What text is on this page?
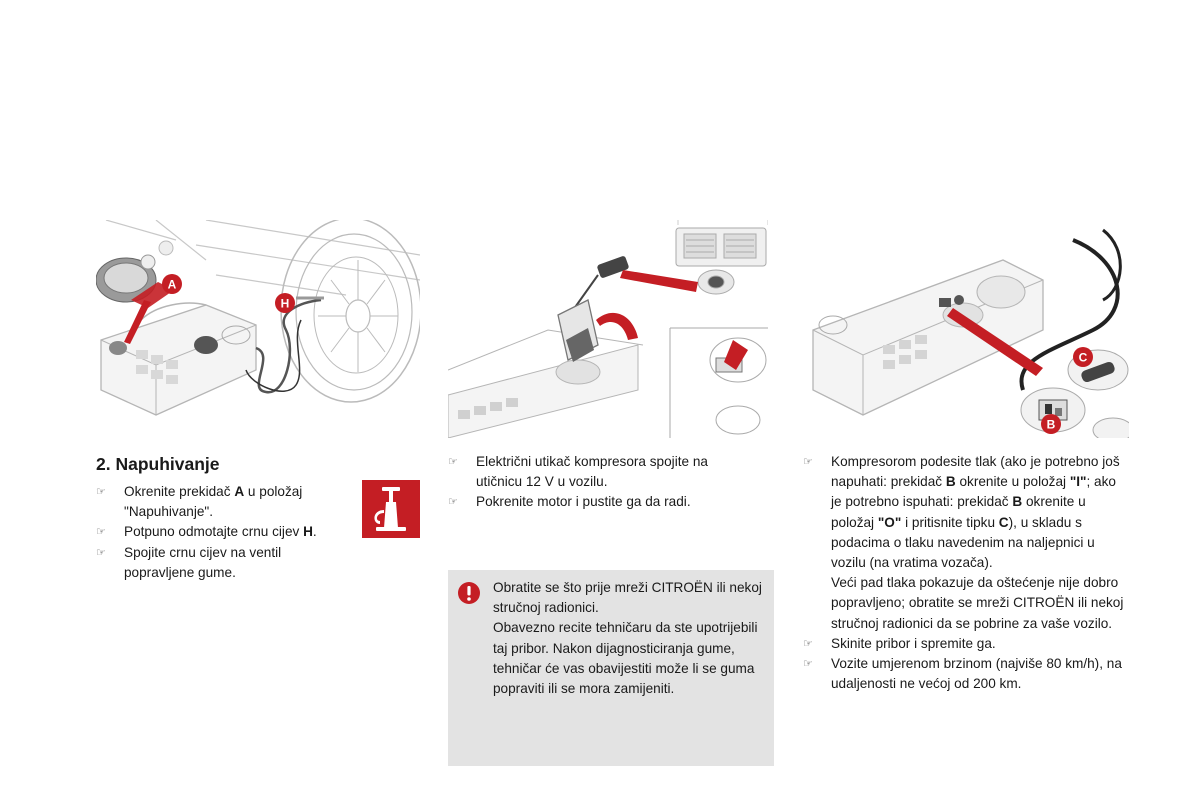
A
H
C
B
2. Napuhivanje
☞ Okrenite prekidač A u položaj "Napuhivanje".
☞ Potpuno odmotajte crnu cijev H.
☞ Spojite crnu cijev na ventil popravljene gume.
☞ Električni utikač kompresora spojite na utičnicu 12 V u vozilu.
☞ Pokrenite motor i pustite ga da radi.
Obratite se što prije mreži CITROËN ili nekoj stručnoj radionici.
Obavezno recite tehničaru da ste upotrijebili taj pribor. Nakon dijagnosticiranja gume, tehničar će vas obavijestiti može li se guma popraviti ili se mora zamijeniti.
☞ Kompresorom podesite tlak (ako je potrebno još napuhati: prekidač B okrenite u položaj "I"; ako je potrebno ispuhati: prekidač B okrenite u položaj "O" i pritisnite tipku C), u skladu s podacima o tlaku navedenim na naljepnici u vozilu (na vratima vozača).
Veći pad tlaka pokazuje da oštećenje nije dobro popravljeno; obratite se mreži CITROËN ili nekoj stručnoj radionici da se pobrine za vaše vozilo.
☞ Skinite pribor i spremite ga.
☞ Vozite umjerenom brzinom (najviše 80 km/h), na udaljenosti ne većoj od 200 km.
